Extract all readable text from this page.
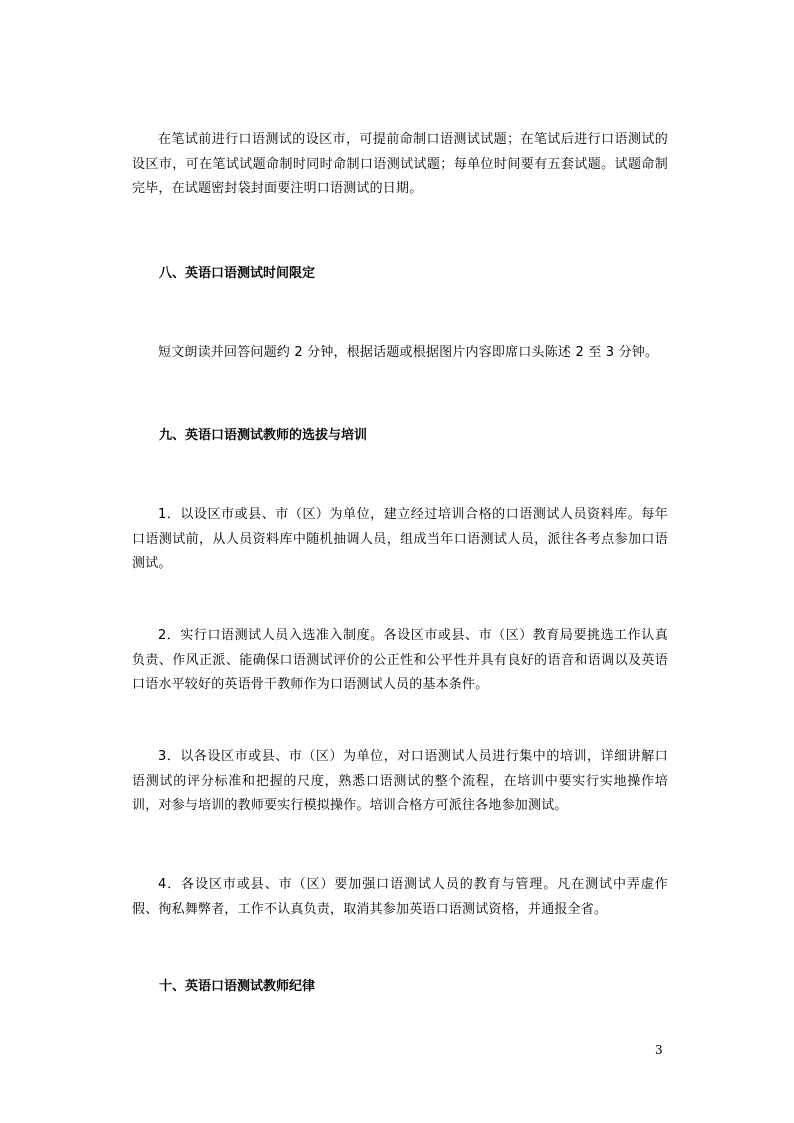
在笔试前进行口语测试的设区市，可提前命制口语测试试题；在笔试后进行口语测试的设区市，可在笔试试题命制时同时命制口语测试试题；每单位时间要有五套试题。试题命制完毕，在试题密封袋封面要注明口语测试的日期。

八、英语口语测试时间限定

短文朗读并回答问题约 2 分钟，根据话题或根据图片内容即席口头陈述 2 至 3 分钟。

九、英语口语测试教师的选拔与培训

1．以设区市或县、市（区）为单位，建立经过培训合格的口语测试人员资料库。每年口语测试前，从人员资料库中随机抽调人员，组成当年口语测试人员，派往各考点参加口语测试。

2．实行口语测试人员入选准入制度。各设区市或县、市（区）教育局要挑选工作认真负责、作风正派、能确保口语测试评价的公正性和公平性并具有良好的语音和语调以及英语口语水平较好的英语骨干教师作为口语测试人员的基本条件。

3．以各设区市或县、市（区）为单位，对口语测试人员进行集中的培训，详细讲解口语测试的评分标准和把握的尺度，熟悉口语测试的整个流程，在培训中要实行实地操作培训，对参与培训的教师要实行模拟操作。培训合格方可派往各地参加测试。

4．各设区市或县、市（区）要加强口语测试人员的教育与管理。凡在测试中弄虚作假、徇私舞弊者，工作不认真负责，取消其参加英语口语测试资格，并通报全省。

十、英语口语测试教师纪律
3
